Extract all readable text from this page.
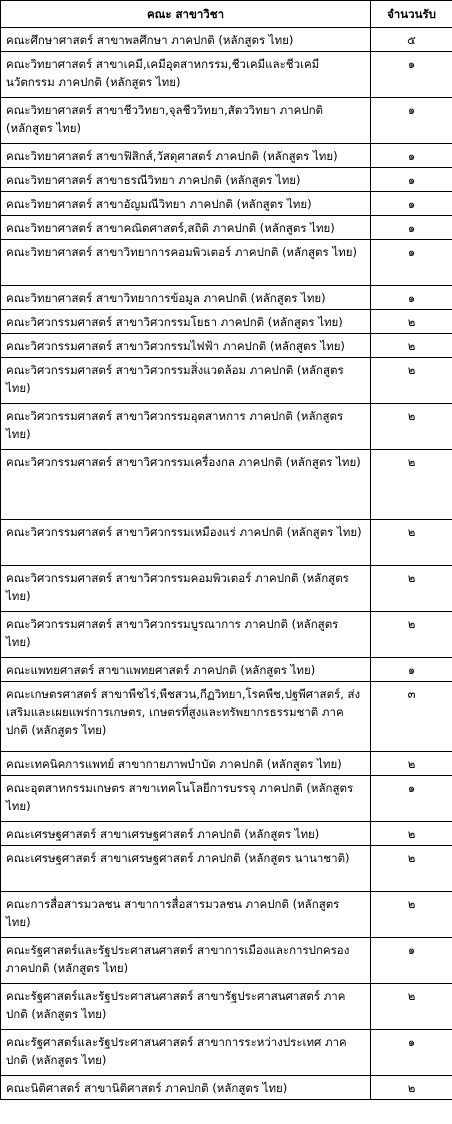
คณะ สาขาวิชา	จำนวนรับ
คณะศึกษาศาสตร์ สาขาพลศึกษา ภาคปกติ (หลักสูตร ไทย)	๕
คณะวิทยาศาสตร์ สาขาเคมี,เคมีอุตสาหกรรม,ชีวเคมีและชีวเคมีนวัตกรรม ภาคปกติ (หลักสูตร ไทย)	๑
คณะวิทยาศาสตร์ สาขาชีววิทยา,จุลชีววิทยา,สัตววิทยา ภาคปกติ (หลักสูตร ไทย)	๑
คณะวิทยาศาสตร์ สาขาฟิสิกส์,วัสดุศาสตร์ ภาคปกติ (หลักสูตร ไทย)	๑
คณะวิทยาศาสตร์ สาขาธรณีวิทยา ภาคปกติ (หลักสูตร ไทย)	๑
คณะวิทยาศาสตร์ สาขาอัญมณีวิทยา ภาคปกติ (หลักสูตร ไทย)	๑
คณะวิทยาศาสตร์ สาขาคณิตศาสตร์,สถิติ ภาคปกติ (หลักสูตร ไทย)	๑
คณะวิทยาศาสตร์ สาขาวิทยาการคอมพิวเตอร์ ภาคปกติ (หลักสูตร ไทย)	๑
คณะวิทยาศาสตร์ สาขาวิทยาการข้อมูล ภาคปกติ (หลักสูตร ไทย)	๑
คณะวิศวกรรมศาสตร์ สาขาวิศวกรรมโยธา ภาคปกติ (หลักสูตร ไทย)	๒
คณะวิศวกรรมศาสตร์ สาขาวิศวกรรมไฟฟ้า ภาคปกติ (หลักสูตร ไทย)	๒
คณะวิศวกรรมศาสตร์ สาขาวิศวกรรมสิ่งแวดล้อม ภาคปกติ (หลักสูตร ไทย)	๒
คณะวิศวกรรมศาสตร์ สาขาวิศวกรรมอุตสาหการ ภาคปกติ (หลักสูตร ไทย)	๒
คณะวิศวกรรมศาสตร์ สาขาวิศวกรรมเครื่องกล ภาคปกติ (หลักสูตร ไทย)	๒
คณะวิศวกรรมศาสตร์ สาขาวิศวกรรมเหมืองแร่ ภาคปกติ (หลักสูตร ไทย)	๒
คณะวิศวกรรมศาสตร์ สาขาวิศวกรรมคอมพิวเตอร์ ภาคปกติ (หลักสูตร ไทย)	๒
คณะวิศวกรรมศาสตร์ สาขาวิศวกรรมบูรณาการ ภาคปกติ (หลักสูตร ไทย)	๒
คณะแพทยศาสตร์ สาขาแพทยศาสตร์ ภาคปกติ (หลักสูตร ไทย)	๑
คณะเกษตรศาสตร์ สาขาพืชไร่,พืชสวน,กีฏวิทยา,โรคพืช,ปฐพีศาสตร์, ส่งเสริมและเผยแพร่การเกษตร, เกษตรที่สูงและทรัพยากรธรรมชาติ ภาคปกติ (หลักสูตร ไทย)	๓
คณะเทคนิคการแพทย์ สาขากายภาพบำบัด ภาคปกติ (หลักสูตร ไทย)	๒
คณะอุตสาหกรรมเกษตร สาขาเทคโนโลยีการบรรจุ ภาคปกติ (หลักสูตร ไทย)	๑
คณะเศรษฐศาสตร์ สาขาเศรษฐศาสตร์ ภาคปกติ (หลักสูตร ไทย)	๒
คณะเศรษฐศาสตร์ สาขาเศรษฐศาสตร์ ภาคปกติ (หลักสูตร นานาชาติ)	๒
คณะการสื่อสารมวลชน สาขาการสื่อสารมวลชน ภาคปกติ (หลักสูตร ไทย)	๒
คณะรัฐศาสตร์และรัฐประศาสนศาสตร์ สาขาการเมืองและการปกครอง ภาคปกติ (หลักสูตร ไทย)	๑
คณะรัฐศาสตร์และรัฐประศาสนศาสตร์ สาขารัฐประศาสนศาสตร์ ภาคปกติ (หลักสูตร ไทย)	๒
คณะรัฐศาสตร์และรัฐประศาสนศาสตร์ สาขาการระหว่างประเทศ ภาคปกติ (หลักสูตร ไทย)	๑
คณะนิติศาสตร์ สาขานิติศาสตร์ ภาคปกติ (หลักสูตร ไทย)	๒
